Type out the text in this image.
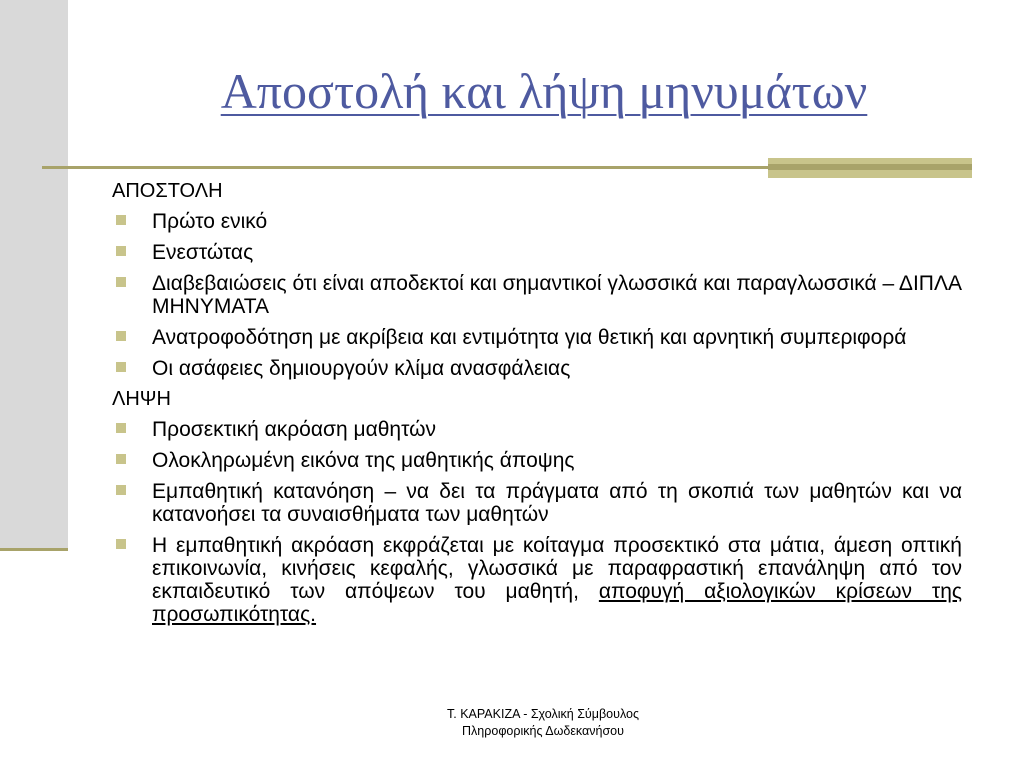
Αποστολή και λήψη μηνυμάτων
ΑΠΟΣΤΟΛΗ
Πρώτο ενικό
Ενεστώτας
Διαβεβαιώσεις ότι είναι αποδεκτοί και σημαντικοί γλωσσικά και παραγλωσσικά – ΔΙΠΛΑ ΜΗΝΥΜΑΤΑ
Ανατροφοδότηση με ακρίβεια και εντιμότητα για θετική και αρνητική συμπεριφορά
Οι ασάφειες δημιουργούν κλίμα ανασφάλειας
ΛΗΨΗ
Προσεκτική ακρόαση μαθητών
Ολοκληρωμένη εικόνα της μαθητικής άποψης
Εμπαθητική κατανόηση – να δει τα πράγματα από τη σκοπιά των μαθητών και να κατανοήσει τα συναισθήματα των μαθητών
Η εμπαθητική ακρόαση εκφράζεται με κοίταγμα προσεκτικό στα μάτια, άμεση οπτική επικοινωνία, κινήσεις κεφαλής, γλωσσικά με παραφραστική επανάληψη από τον εκπαιδευτικό των απόψεων του μαθητή, αποφυγή αξιολογικών κρίσεων της προσωπικότητας.
Τ. ΚΑΡΑΚΙΖΑ - Σχολική Σύμβουλος
Πληροφορικής Δωδεκανήσου
